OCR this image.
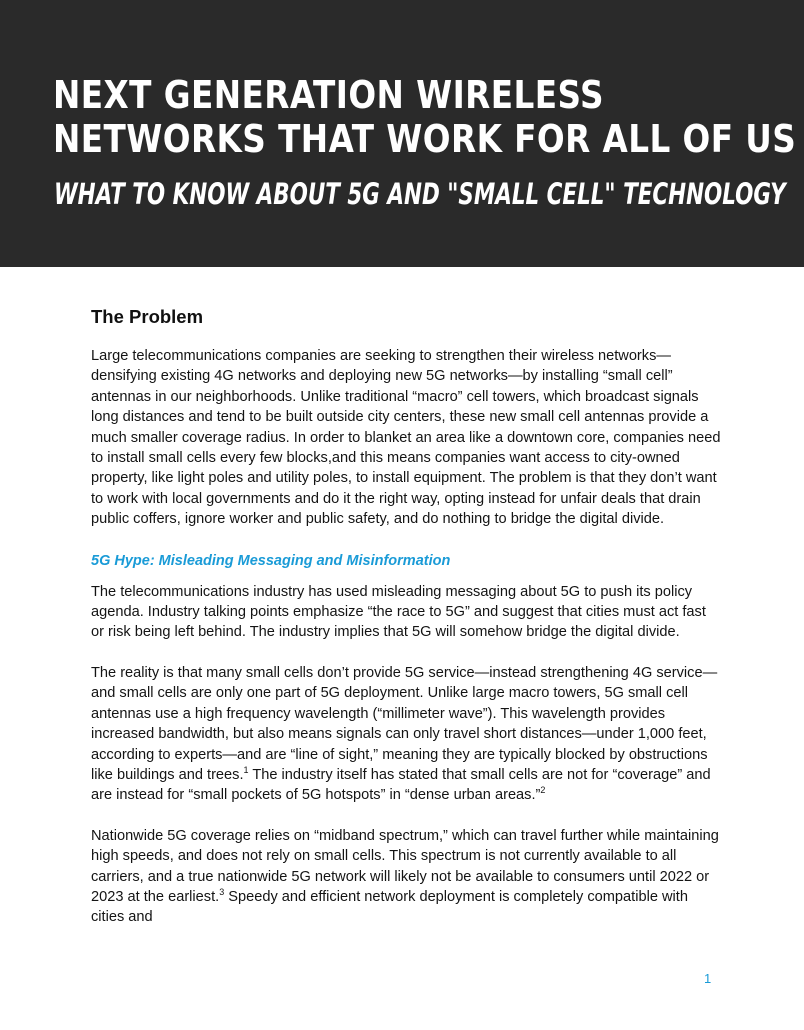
NEXT GENERATION WIRELESS
NETWORKS THAT WORK FOR ALL OF US
WHAT TO KNOW ABOUT 5G AND "SMALL CELL" TECHNOLOGY
The Problem

Large telecommunications companies are seeking to strengthen their wireless networks—densifying existing 4G networks and deploying new 5G networks—by installing “small cell” antennas in our neighborhoods. Unlike traditional “macro” cell towers, which broadcast signals long distances and tend to be built outside city centers, these new small cell antennas provide a much smaller coverage radius. In order to blanket an area like a downtown core, companies need to install small cells every few blocks,and this means companies want access to city-owned property, like light poles and utility poles, to install equipment. The problem is that they don’t want to work with local governments and do it the right way, opting instead for unfair deals that drain public coffers, ignore worker and public safety, and do nothing to bridge the digital divide.

5G Hype: Misleading Messaging and Misinformation

The telecommunications industry has used misleading messaging about 5G to push its policy agenda. Industry talking points emphasize “the race to 5G” and suggest that cities must act fast or risk being left behind. The industry implies that 5G will somehow bridge the digital divide.

The reality is that many small cells don’t provide 5G service—instead strengthening 4G service—and small cells are only one part of 5G deployment. Unlike large macro towers, 5G small cell antennas use a high frequency wavelength (“millimeter wave”). This wavelength provides increased bandwidth, but also means signals can only travel short distances—under 1,000 feet, according to experts—and are “line of sight,” meaning they are typically blocked by obstructions like buildings and trees.$^1$ The industry itself has stated that small cells are not for “coverage” and are instead for “small pockets of 5G hotspots” in “dense urban areas.”$^2$

Nationwide 5G coverage relies on “midband spectrum,” which can travel further while maintaining high speeds, and does not rely on small cells. This spectrum is not currently available to all carriers, and a true nationwide 5G network will likely not be available to consumers until 2022 or 2023 at the earliest.$^3$ Speedy and efficient network deployment is completely compatible with cities and

1
